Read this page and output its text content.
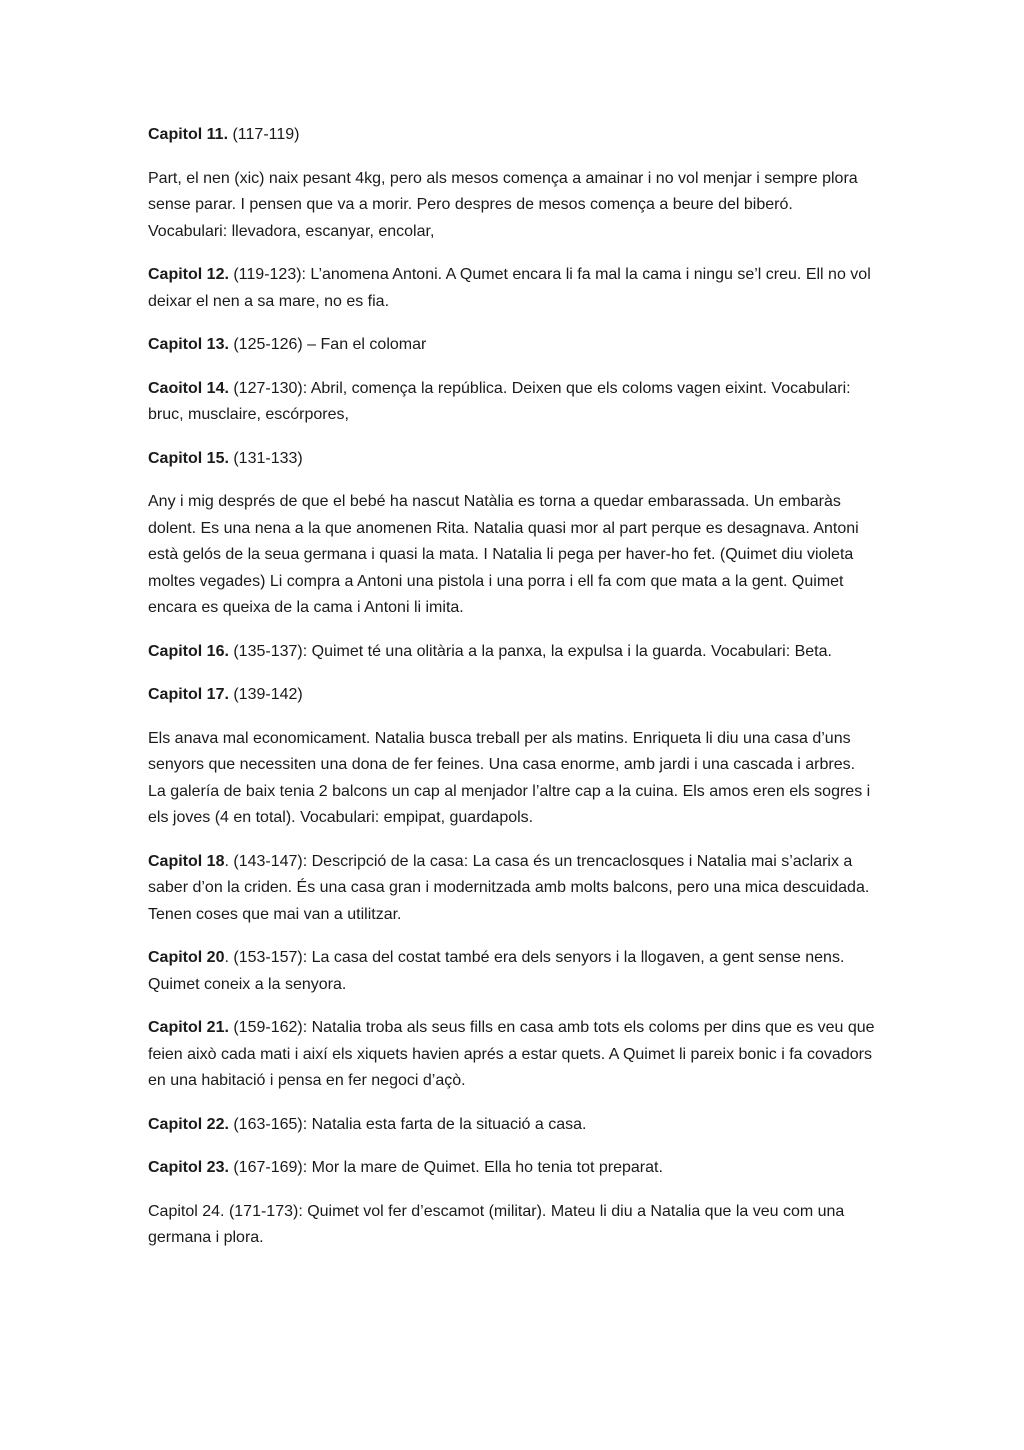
Capitol 11. (117-119)

Part, el nen (xic) naix pesant 4kg, pero als mesos comença a amainar i no vol menjar i sempre plora sense parar. I pensen que va a morir. Pero despres de mesos comença a beure del biberó. Vocabulari: llevadora, escanyar, encolar,

Capitol 12. (119-123): L’anomena Antoni. A Qumet encara li fa mal la cama i ningu se’l creu. Ell no vol deixar el nen a sa mare, no es fia.

Capitol 13. (125-126) – Fan el colomar

Caoitol 14. (127-130): Abril, comença la república. Deixen que els coloms vagen eixint. Vocabulari: bruc, musclaire, escórpores,

Capitol 15. (131-133)

Any i mig després de que el bebé ha nascut Natàlia es torna a quedar embarassada. Un embaràs dolent. Es una nena a la que anomenen Rita. Natalia quasi mor al part perque es desagnava. Antoni està gelós de la seua germana i quasi la mata. I Natalia li pega per haver-ho fet. (Quimet diu violeta moltes vegades) Li compra a Antoni una pistola i una porra i ell fa com que mata a la gent. Quimet encara es queixa de la cama i Antoni li imita.

Capitol 16. (135-137): Quimet té una olitària a la panxa, la expulsa i la guarda. Vocabulari: Beta.

Capitol 17. (139-142)

Els anava mal economicament. Natalia busca treball per als matins. Enriqueta li diu una casa d’uns senyors que necessiten una dona de fer feines. Una casa enorme, amb jardi i una cascada i arbres. La galería de baix tenia 2 balcons un cap al menjador l’altre cap a la cuina. Els amos eren els sogres i els joves (4 en total). Vocabulari: empipat, guardapols.

Capitol 18. (143-147): Descripció de la casa: La casa és un trencaclosques i Natalia mai s’aclarix a saber d’on la criden. És una casa gran i modernitzada amb molts balcons, pero una mica descuidada. Tenen coses que mai van a utilitzar.

Capitol 20. (153-157): La casa del costat també era dels senyors i la llogaven, a gent sense nens. Quimet coneix a la senyora.

Capitol 21. (159-162): Natalia troba als seus fills en casa amb tots els coloms per dins que es veu que feien això cada mati i així els xiquets havien aprés a estar quets. A Quimet li pareix bonic i fa covadors en una habitació i pensa en fer negoci d’açò.

Capitol 22. (163-165): Natalia esta farta de la situació a casa.

Capitol 23. (167-169): Mor la mare de Quimet. Ella ho tenia tot preparat.

Capitol 24. (171-173): Quimet vol fer d’escamot (militar). Mateu li diu a Natalia que la veu com una germana i plora.
